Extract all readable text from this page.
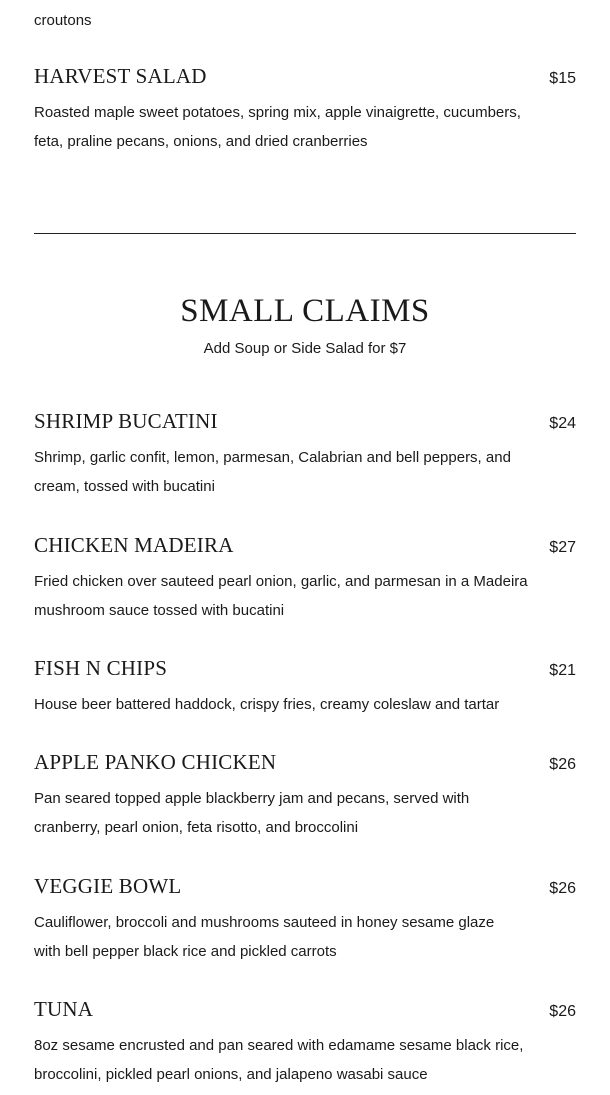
croutons

HARVEST SALAD	$15

Roasted maple sweet potatoes, spring mix, apple vinaigrette, cucumbers,
feta, praline pecans, onions, and dried cranberries

SMALL CLAIMS
Add Soup or Side Salad for $7
SHRIMP BUCATINI	$24

Shrimp, garlic confit, lemon, parmesan, Calabrian and bell peppers, and
cream, tossed with bucatini

CHICKEN MADEIRA	$27

Fried chicken over sauteed pearl onion, garlic, and parmesan in a Madeira
mushroom sauce tossed with bucatini

FISH N CHIPS	$21

House beer battered haddock, crispy fries, creamy coleslaw and tartar

APPLE PANKO CHICKEN	$26

Pan seared topped apple blackberry jam and pecans, served with
cranberry, pearl onion, feta risotto, and broccolini

VEGGIE BOWL	$26

Cauliflower, broccoli and mushrooms sauteed in honey sesame glaze
with bell pepper black rice and pickled carrots

TUNA	$26

8oz sesame encrusted and pan seared with edamame sesame black rice,
broccolini, pickled pearl onions, and jalapeno wasabi sauce
